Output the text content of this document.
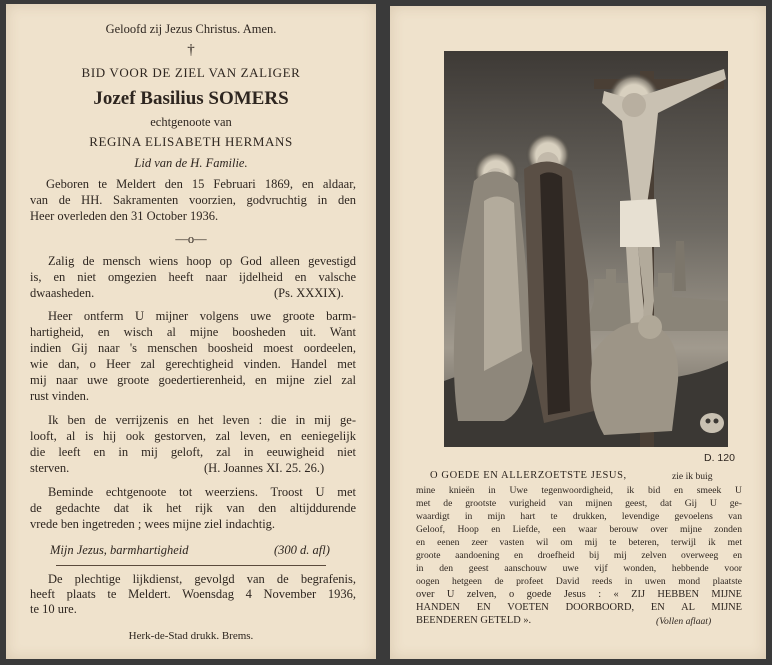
Geloofd zij Jezus Christus. Amen.
†
BID VOOR DE ZIEL VAN ZALIGER
Jozef Basilius SOMERS
echtgenoote van
REGINA ELISABETH HERMANS
Lid van de H. Familie.
Geboren te Meldert den 15 Februari 1869, en aldaar,
van de HH. Sakramenten voorzien, godvruchtig in den
Heer overleden den 31 October 1936.
—o—
Zalig de mensch wiens hoop op God alleen gevestigd
is, en niet omgezien heeft naar ijdelheid en valsche
dwaasheden.	(Ps. XXXIX).
Heer ontferm U mijner volgens uwe groote barm-
hartigheid, en wisch al mijne boosheden uit. Want
indien Gij naar 's menschen boosheid moest oordeelen,
wie dan, o Heer zal gerechtigheid vinden. Handel met
mij naar uwe groote goedertierenheid, en mijne ziel zal
rust vinden.
Ik ben de verrijzenis en het leven : die in mij ge-
looft, al is hij ook gestorven, zal leven, en eeniegelijk
die leeft en in mij geloft, zal in eeuwigheid niet
sterven.	(H. Joannes XI. 25. 26.)
Beminde echtgenoote tot weerziens. Troost U met
de gedachte dat ik het rijk van den altijddurende
vrede ben ingetreden ; wees mijne ziel indachtig.
Mijn Jezus, barmhartigheid	(300 d. afl)
De plechtige lijkdienst, gevolgd van de begrafenis,
heeft plaats te Meldert. Woensdag 4 November 1936,
te 10 ure.
Herk-de-Stad drukk. Brems.
D. 120
O GOEDE EN ALLERZOETSTE JESUS,	zie ik buig
mine knieën in Uwe tegenwoordigheid, ik bid en smeek U
met de grootste vurigheid van mijnen geest, dat Gij U ge-
waardigt in mijn hart te drukken, levendige gevoelens van
Geloof, Hoop en Liefde, een waar berouw over mijne zonden
en eenen zeer vasten wil om mij te beteren, terwijl ik met
groote aandoening en droefheid bij mij zelven overweeg en
in den geest aanschouw uwe vijf wonden, hebbende voor
oogen hetgeen de profeet David reeds in uwen mond plaatste
over U zelven, o goede Jesus : « ZIJ HEBBEN MIJNE
HANDEN EN VOETEN DOORBOORD, EN AL MIJNE
BEENDEREN GETELD ».	(Vollen aflaat)
